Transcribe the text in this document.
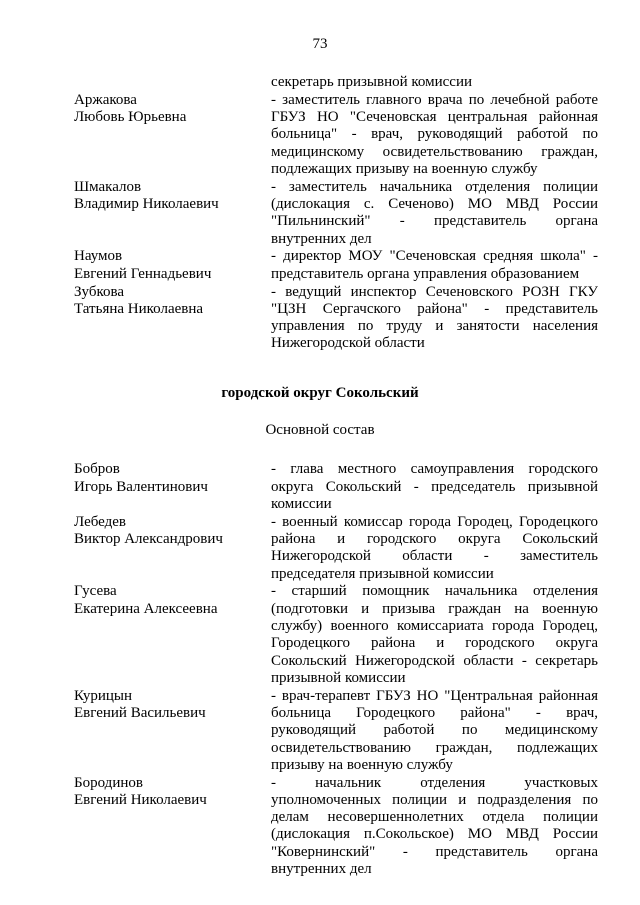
73
секретарь призывной комиссии
Аржакова
Любовь Юрьевна
- заместитель главного врача по лечебной работе
ГБУЗ НО "Сеченовская центральная районная
больница" - врач, руководящий работой по
медицинскому освидетельствованию граждан,
подлежащих призыву на военную службу
Шмакалов
Владимир Николаевич
- заместитель начальника отделения полиции
(дислокация с. Сеченово) МО МВД России
"Пильнинский" - представитель органа
внутренних дел
Наумов
Евгений Геннадьевич
- директор МОУ "Сеченовская средняя школа" -
представитель органа управления образованием
Зубкова
Татьяна Николаевна
- ведущий инспектор Сеченовского РОЗН ГКУ
"ЦЗН Сергачского района" - представитель
управления по труду и занятости населения
Нижегородской области
городской округ Сокольский
Основной состав
Бобров
Игорь Валентинович
- глава местного самоуправления городского
округа Сокольский - председатель призывной
комиссии
Лебедев
Виктор Александрович
- военный комиссар города Городец, Городецкого
района и городского округа Сокольский
Нижегородской области - заместитель
председателя призывной комиссии
Гусева
Екатерина Алексеевна
- старший помощник начальника отделения
(подготовки и призыва граждан на военную
службу) военного комиссариата города Городец,
Городецкого района и городского округа
Сокольский Нижегородской области - секретарь
призывной комиссии
Курицын
Евгений Васильевич
- врач-терапевт ГБУЗ НО "Центральная районная
больница Городецкого района" - врач,
руководящий работой по медицинскому
освидетельствованию граждан, подлежащих
призыву на военную службу
Бородинов
Евгений Николаевич
- начальник отделения участковых
уполномоченных полиции и подразделения по
делам несовершеннолетних отдела полиции
(дислокация п.Сокольское) МО МВД России
"Ковернинский" - представитель органа
внутренних дел
